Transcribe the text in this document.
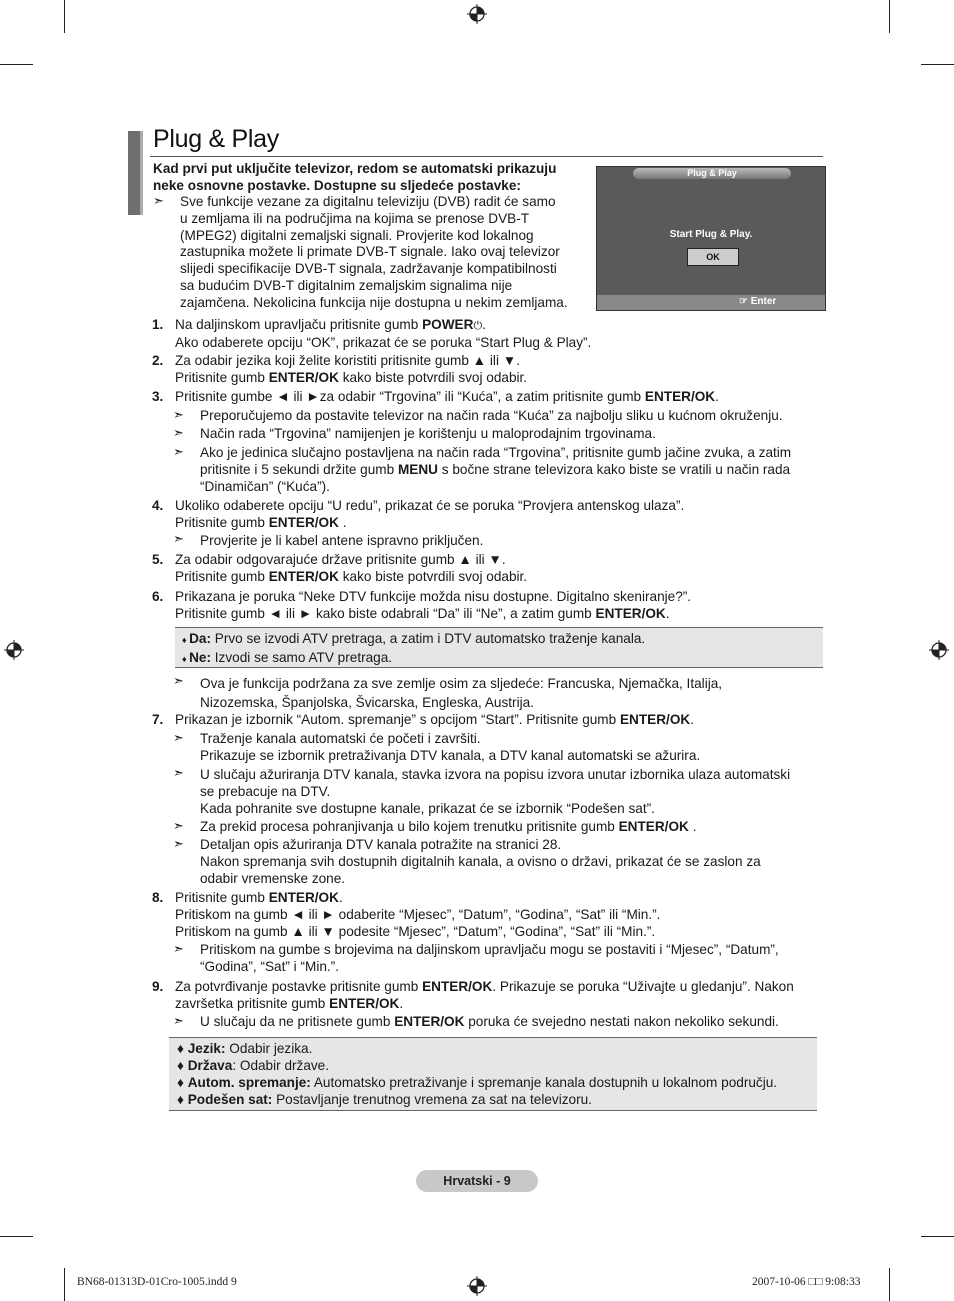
Plug & Play
Kad prvi put uključite televizor, redom se automatski prikazuju
neke osnovne postavke. Dostupne su sljedeće postavke:
➣ Sve funkcije vezane za digitalnu televiziju (DVB) radit će samo
u zemljama ili na područjima na kojima se prenose DVB-T
(MPEG2) digitalni zemaljski signali. Provjerite kod lokalnog
zastupnika možete li primate DVB-T signale. Iako ovaj televizor
slijedi specifikacije DVB-T signala, zadržavanje kompatibilnosti
sa budućim DVB-T digitalnim zemaljskim signalima nije
zajamčena. Nekolicina funkcija nije dostupna u nekim zemljama.
Plug & Play
Start Plug & Play.
OK
☞ Enter
1. Na daljinskom upravljaču pritisnite gumb POWER⏻.
Ako odaberete opciju “OK”, prikazat će se poruka “Start Plug & Play”.
2. Za odabir jezika koji želite koristiti pritisnite gumb ▲ ili ▼.
Pritisnite gumb ENTER/OK kako biste potvrdili svoj odabir.
3. Pritisnite gumbe ◄ ili ►za odabir “Trgovina” ili “Kuća”, a zatim pritisnite gumb ENTER/OK.
➣ Preporučujemo da postavite televizor na način rada “Kuća” za najbolju sliku u kućnom okruženju.
➣ Način rada “Trgovina” namijenjen je korištenju u maloprodajnim trgovinama.
➣ Ako je jedinica slučajno postavljena na način rada “Trgovina”, pritisnite gumb jačine zvuka, a zatim
pritisnite i 5 sekundi držite gumb MENU s bočne strane televizora kako biste se vratili u način rada
“Dinamičan” (“Kuća”).
4. Ukoliko odaberete opciju “U redu”, prikazat će se poruka “Provjera antenskog ulaza”.
Pritisnite gumb ENTER/OK .
➣ Provjerite je li kabel antene ispravno priključen.
5. Za odabir odgovarajuće države pritisnite gumb ▲ ili ▼.
Pritisnite gumb ENTER/OK kako biste potvrdili svoj odabir.
6. Prikazana je poruka “Neke DTV funkcije možda nisu dostupne. Digitalno skeniranje?”.
Pritisnite gumb ◄ ili ► kako biste odabrali “Da” ili “Ne”, a zatim gumb ENTER/OK.
♦ Da: Prvo se izvodi ATV pretraga, a zatim i DTV automatsko traženje kanala.
♦ Ne: Izvodi se samo ATV pretraga.
➣ Ova je funkcija podržana za sve zemlje osim za sljedeće: Francuska, Njemačka, Italija,
Nizozemska, Španjolska, Švicarska, Engleska, Austrija.
7. Prikazan je izbornik “Autom. spremanje” s opcijom “Start”. Pritisnite gumb ENTER/OK.
➣ Traženje kanala automatski će početi i završiti.
Prikazuje se izbornik pretraživanja DTV kanala, a DTV kanal automatski se ažurira.
➣ U slučaju ažuriranja DTV kanala, stavka izvora na popisu izvora unutar izbornika ulaza automatski
se prebacuje na DTV.
Kada pohranite sve dostupne kanale, prikazat će se izbornik “Podešen sat”.
➣ Za prekid procesa pohranjivanja u bilo kojem trenutku pritisnite gumb ENTER/OK .
➣ Detaljan opis ažuriranja DTV kanala potražite na stranici 28.
Nakon spremanja svih dostupnih digitalnih kanala, a ovisno o državi, prikazat će se zaslon za
odabir vremenske zone.
8. Pritisnite gumb ENTER/OK.
Pritiskom na gumb ◄ ili ► odaberite “Mjesec”, “Datum”, “Godina”, “Sat” ili “Min.”.
Pritiskom na gumb ▲ ili ▼ podesite “Mjesec”, “Datum”, “Godina”, “Sat” ili “Min.”.
➣ Pritiskom na gumbe s brojevima na daljinskom upravljaču mogu se postaviti i “Mjesec”, “Datum”,
“Godina”, “Sat” i “Min.”.
9. Za potvrđivanje postavke pritisnite gumb ENTER/OK. Prikazuje se poruka “Uživajte u gledanju”. Nakon
završetka pritisnite gumb ENTER/OK.
➣ U slučaju da ne pritisnete gumb ENTER/OK poruka će svejedno nestati nakon nekoliko sekundi.
♦ Jezik: Odabir jezika.
♦ Država: Odabir države.
♦ Autom. spremanje: Automatsko pretraživanje i spremanje kanala dostupnih u lokalnom području.
♦ Podešen sat: Postavljanje trenutnog vremena za sat na televizoru.
Hrvatski - 9
BN68-01313D-01Cro-1005.indd 9	2007-10-06 □□ 9:08:33
